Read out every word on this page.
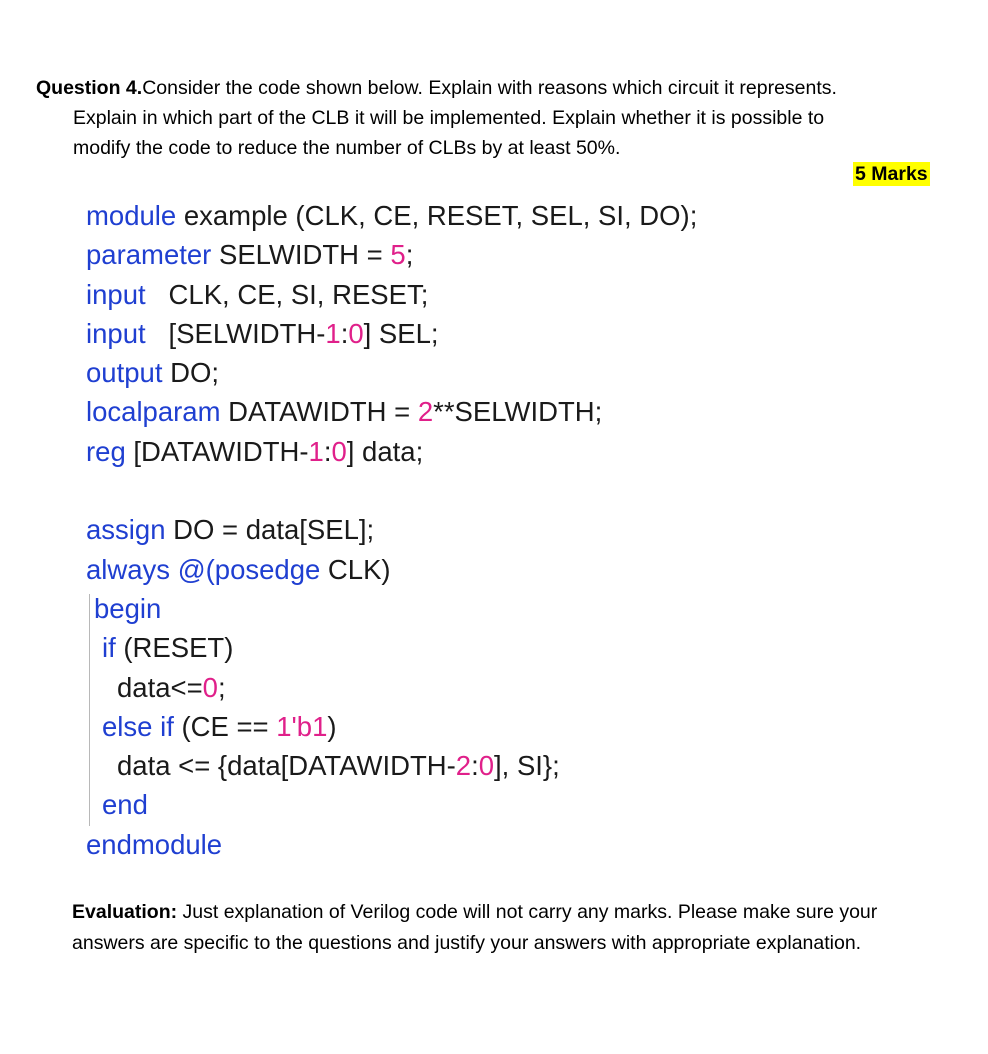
Question 4.Consider the code shown below. Explain with reasons which circuit it represents.
Explain in which part of the CLB it will be implemented. Explain whether it is possible to
modify the code to reduce the number of CLBs by at least 50%.
5 Marks
module example (CLK, CE, RESET, SEL, SI, DO);
parameter SELWIDTH = 5;
input   CLK, CE, SI, RESET;
input   [SELWIDTH-1:0] SEL;
output DO;
localparam DATAWIDTH = 2**SELWIDTH;
reg [DATAWIDTH-1:0] data;
assign DO = data[SEL];
always @(posedge CLK)
begin
if (RESET)
data<=0;
else if (CE == 1'b1)
data <= {data[DATAWIDTH-2:0], SI};
end
endmodule
Evaluation: Just explanation of Verilog code will not carry any marks. Please make sure your
answers are specific to the questions and justify your answers with appropriate explanation.
